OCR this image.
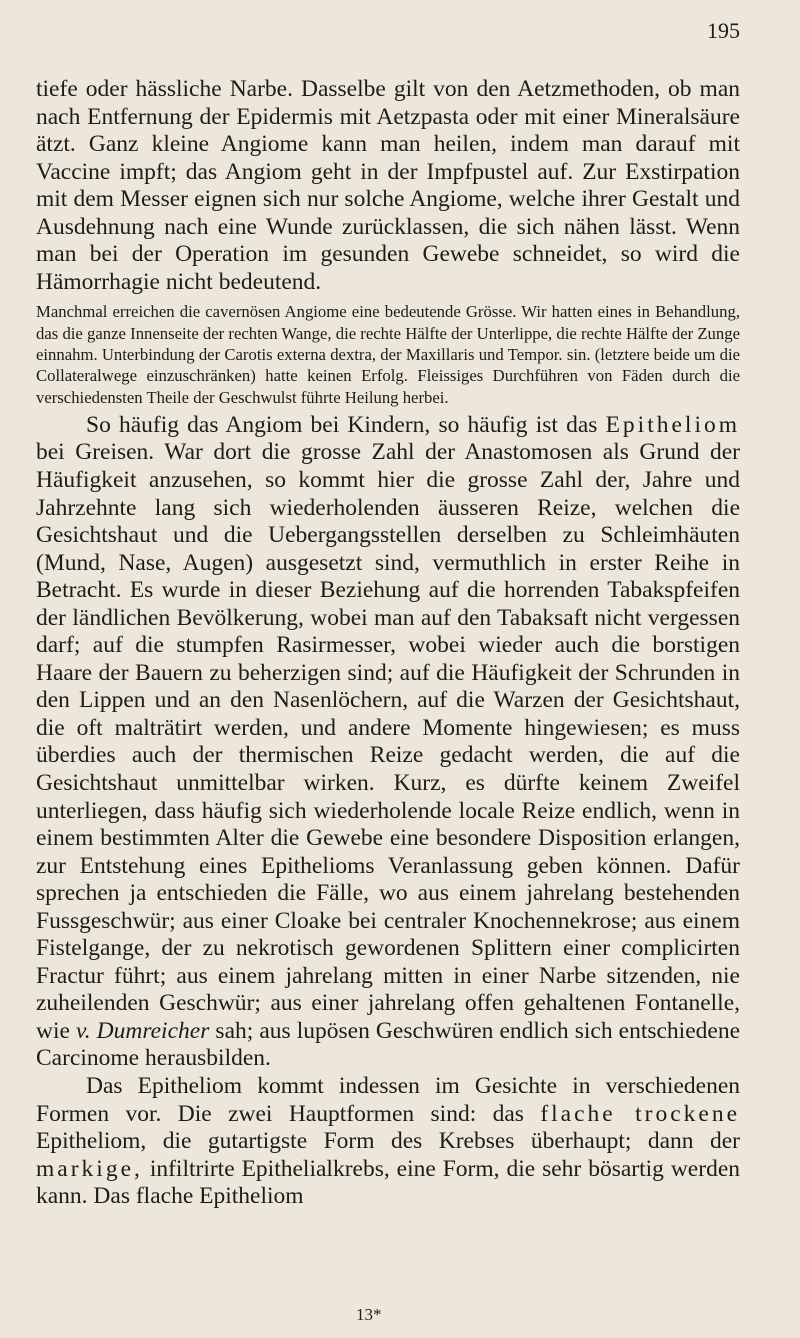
195

tiefe oder hässliche Narbe. Dasselbe gilt von den Aetzmethoden, ob man nach Entfernung der Epidermis mit Aetzpasta oder mit einer Mineralsäure ätzt. Ganz kleine Angiome kann man heilen, indem man darauf mit Vaccine impft; das Angiom geht in der Impfpustel auf. Zur Exstirpation mit dem Messer eignen sich nur solche Angiome, welche ihrer Gestalt und Ausdehnung nach eine Wunde zurücklassen, die sich nähen lässt. Wenn man bei der Operation im gesunden Gewebe schneidet, so wird die Hämorrhagie nicht bedeutend.

Manchmal erreichen die cavernösen Angiome eine bedeutende Grösse. Wir hatten eines in Behandlung, das die ganze Innenseite der rechten Wange, die rechte Hälfte der Unterlippe, die rechte Hälfte der Zunge einnahm. Unterbindung der Carotis externa dextra, der Maxillaris und Tempor. sin. (letztere beide um die Collateralwege einzuschränken) hatte keinen Erfolg. Fleissiges Durchführen von Fäden durch die verschiedensten Theile der Geschwulst führte Heilung herbei.

So häufig das Angiom bei Kindern, so häufig ist das Epitheliom bei Greisen. War dort die grosse Zahl der Anastomosen als Grund der Häufigkeit anzusehen, so kommt hier die grosse Zahl der, Jahre und Jahrzehnte lang sich wiederholenden äusseren Reize, welchen die Gesichtshaut und die Uebergangsstellen derselben zu Schleimhäuten (Mund, Nase, Augen) ausgesetzt sind, vermuthlich in erster Reihe in Betracht. Es wurde in dieser Beziehung auf die horrenden Tabakspfeifen der ländlichen Bevölkerung, wobei man auf den Tabaksaft nicht vergessen darf; auf die stumpfen Rasirmesser, wobei wieder auch die borstigen Haare der Bauern zu beherzigen sind; auf die Häufigkeit der Schrunden in den Lippen und an den Nasenlöchern, auf die Warzen der Gesichtshaut, die oft malträtirt werden, und andere Momente hingewiesen; es muss überdies auch der thermischen Reize gedacht werden, die auf die Gesichtshaut unmittelbar wirken. Kurz, es dürfte keinem Zweifel unterliegen, dass häufig sich wiederholende locale Reize endlich, wenn in einem bestimmten Alter die Gewebe eine besondere Disposition erlangen, zur Entstehung eines Epithelioms Veranlassung geben können. Dafür sprechen ja entschieden die Fälle, wo aus einem jahrelang bestehenden Fussgeschwür; aus einer Cloake bei centraler Knochennekrose; aus einem Fistelgange, der zu nekrotisch gewordenen Splittern einer complicirten Fractur führt; aus einem jahrelang mitten in einer Narbe sitzenden, nie zuheilenden Geschwür; aus einer jahrelang offen gehaltenen Fontanelle, wie v. Dumreicher sah; aus lupösen Geschwüren endlich sich entschiedene Carcinome herausbilden.

Das Epitheliom kommt indessen im Gesichte in verschiedenen Formen vor. Die zwei Hauptformen sind: das flache trockene Epitheliom, die gutartigste Form des Krebses überhaupt; dann der markige, infiltrirte Epithelialkrebs, eine Form, die sehr bösartig werden kann. Das flache Epitheliom

13*
